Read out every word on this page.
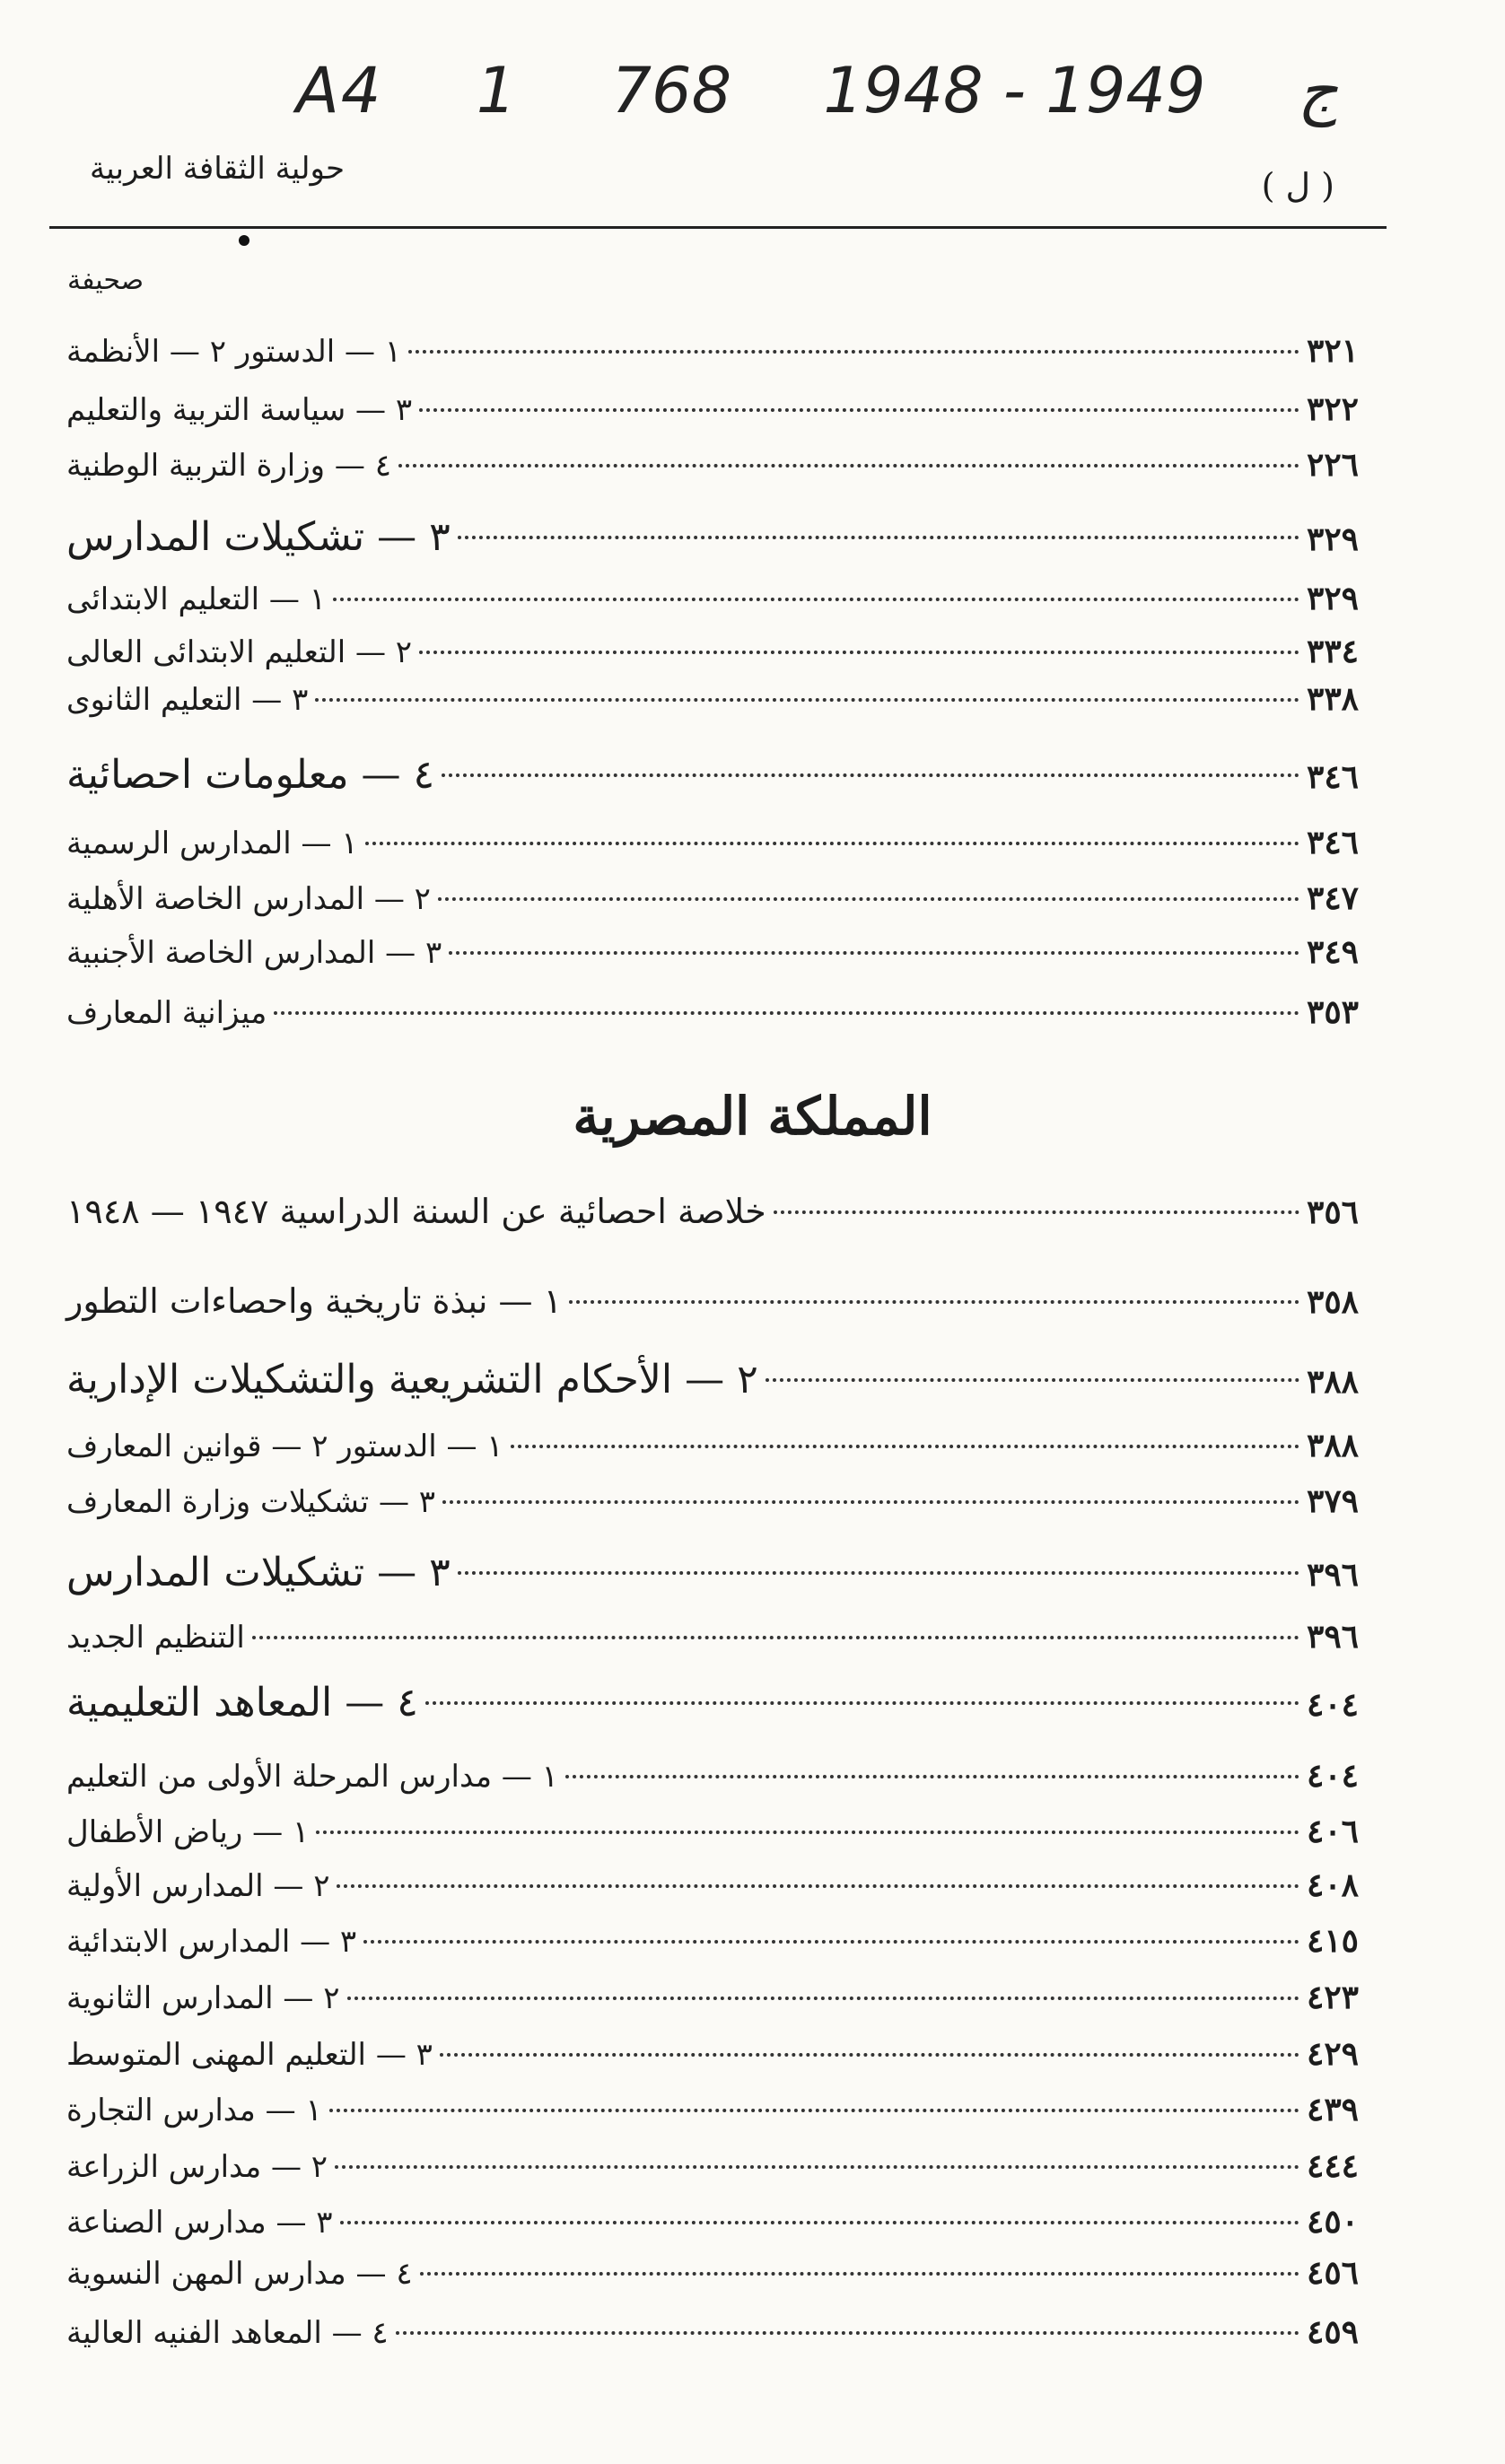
A4 1	ج 1949 - 1948 768
حولية الثقافة العربية	( ل )
صحيفة
المملكة المصرية
١ — الدستور ٢ — الأنظمة	٣٢١
٣ — سياسة التربية والتعليم	٣٢٢
٤ — وزارة التربية الوطنية	٢٢٦
٣ — تشكيلات المدارس	٣٢٩
١ — التعليم الابتدائى	٣٢٩
٢ — التعليم الابتدائى العالى	٣٣٤
٣ — التعليم الثانوى	٣٣٨
٤ — معلومات احصائية	٣٤٦
١ — المدارس الرسمية	٣٤٦
٢ — المدارس الخاصة الأهلية	٣٤٧
٣ — المدارس الخاصة الأجنبية	٣٤٩
ميزانية المعارف	٣٥٣
خلاصة احصائية عن السنة الدراسية ١٩٤٧ — ١٩٤٨	٣٥٦
١ — نبذة تاريخية واحصاءات التطور	٣٥٨
٢ — الأحكام التشريعية والتشكيلات الإدارية	٣٨٨
١ — الدستور ٢ — قوانين المعارف	٣٨٨
٣ — تشكيلات وزارة المعارف	٣٧٩
٣ — تشكيلات المدارس	٣٩٦
التنظيم الجديد	٣٩٦
٤ — المعاهد التعليمية	٤٠٤
١ — مدارس المرحلة الأولى من التعليم	٤٠٤
١ — رياض الأطفال	٤٠٦
٢ — المدارس الأولية	٤٠٨
٣ — المدارس الابتدائية	٤١٥
٢ — المدارس الثانوية	٤٢٣
٣ — التعليم المهنى المتوسط	٤٢٩
١ — مدارس التجارة	٤٣٩
٢ — مدارس الزراعة	٤٤٤
٣ — مدارس الصناعة	٤٥٠
٤ — مدارس المهن النسوية	٤٥٦
٤ — المعاهد الفنيه العالية	٤٥٩
